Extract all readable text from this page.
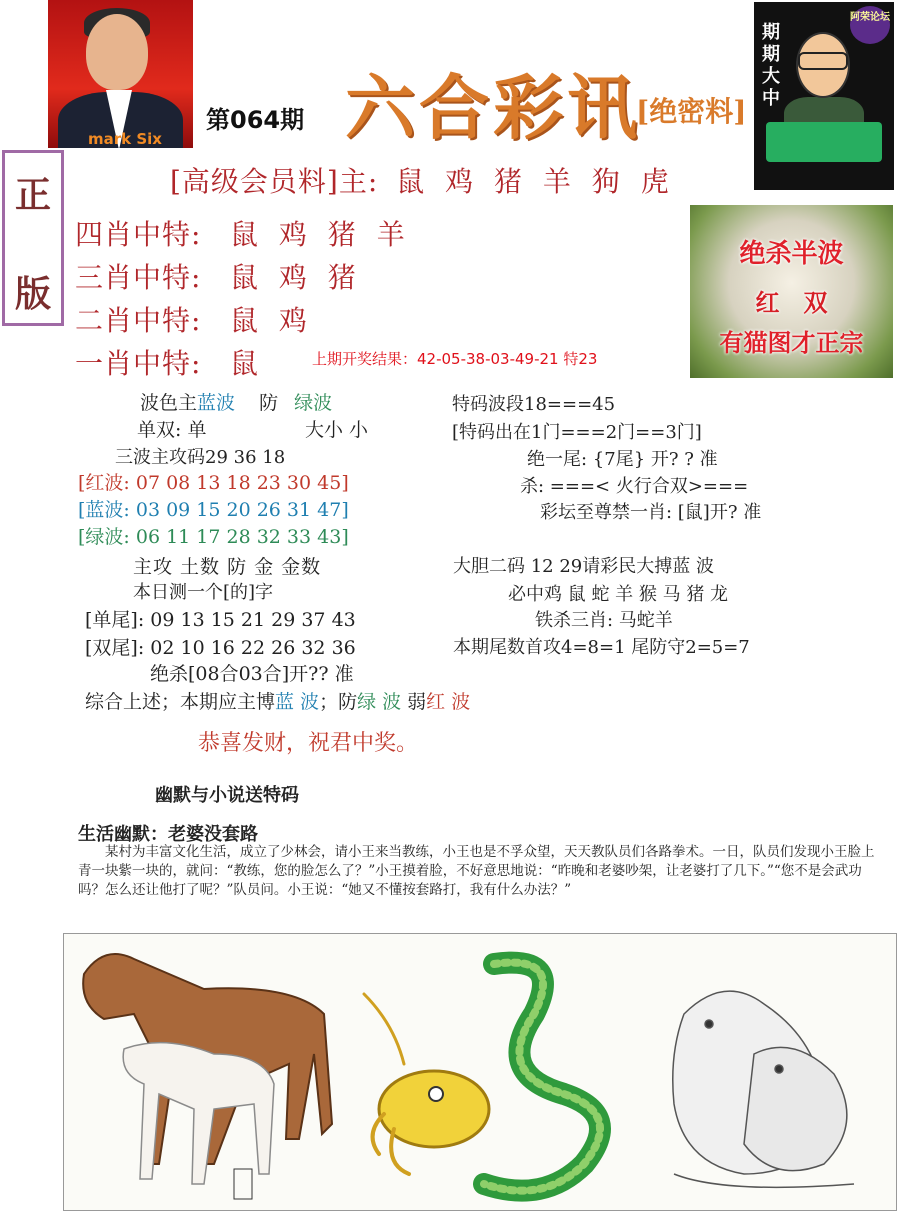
mark Six
第064期 六合彩讯
[绝密料]
期期大中
阿荣论坛
正
版
[高级会员料]主: 鼠 鸡 猪 羊 狗 虎
四肖中特: 鼠 鸡 猪 羊
三肖中特: 鼠 鸡 猪
二肖中特: 鼠 鸡
一肖中特: 鼠	上期开奖结果：42-05-38-03-49-21 特23
绝杀半波
红　双
有猫图才正宗
波色主蓝波 防 绿波
单双: 单	大小 小
三波主攻码29 36 18
[红波: 07 08 13 18 23 30 45]
[蓝波: 03 09 15 20 26 31 47]
[绿波: 06 11 17 28 32 33 43]
主攻 土数 防 金 金数
本日测一个[的]字
[单尾]: 09 13 15 21 29 37 43
[双尾]: 02 10 16 22 26 32 36
绝杀[08合03合]开?? 准
特码波段18===45
[特码出在1门===2门==3门]
绝一尾: {7尾} 开? ? 准
杀: ===< 火行合双>===
彩坛至尊禁一肖: [鼠]开? 准
大胆二码 12 29请彩民大搏蓝 波
必中鸡 鼠 蛇 羊 猴 马 猪 龙
铁杀三肖: 马蛇羊
本期尾数首攻4=8=1 尾防守2=5=7
综合上述；本期应主博蓝 波；防绿 波 弱红 波
恭喜发财，祝君中奖。
幽默与小说送特码
生活幽默：老婆没套路
某村为丰富文化生活，成立了少林会，请小王来当教练，小王也是不孚众望，天天教队员们各路拳术。一日，队员们发现小王脸上青一块紫一块的，就问：“教练，您的脸怎么了？”小王摸着脸，不好意思地说：“昨晚和老婆吵架，让老婆打了几下。”“您不是会武功吗？怎么还让他打了呢？”队员问。小王说：“她又不懂按套路打，我有什么办法？”
